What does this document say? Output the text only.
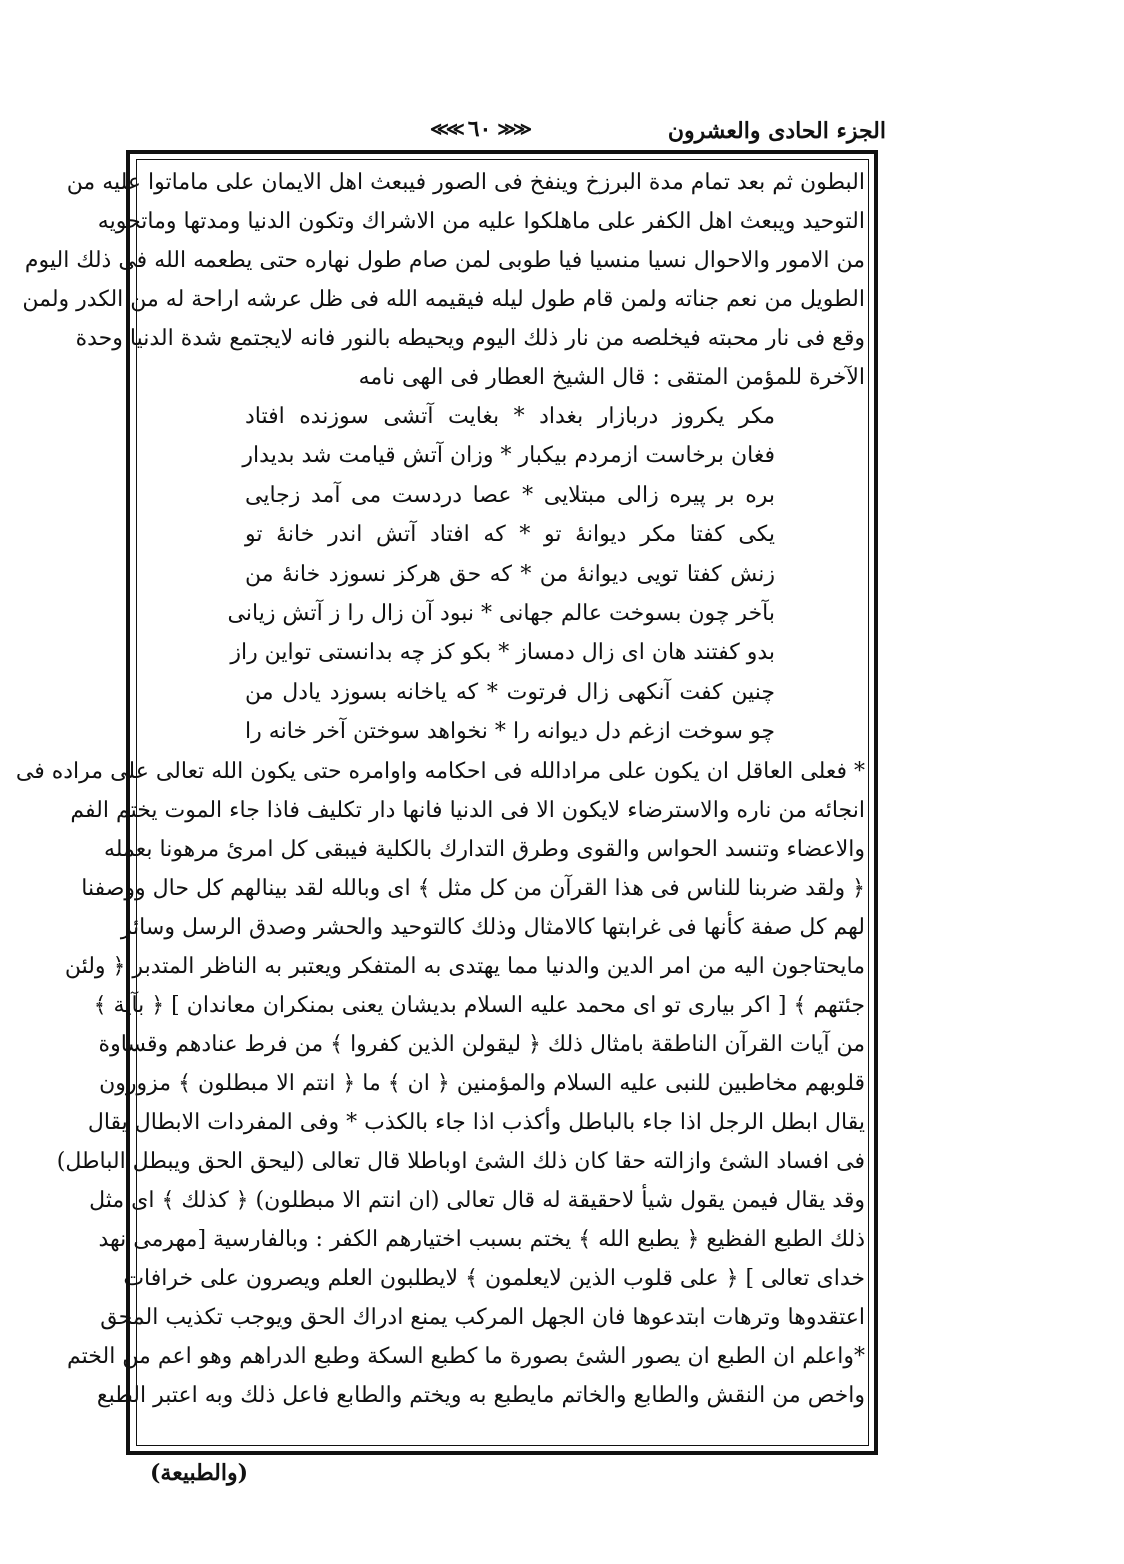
الجزء الحادى والعشرون
≪≪ ٦٠ ≫≫
البطون ثم بعد تمام مدة البرزخ وينفخ فى الصور فيبعث اهل الايمان على ماماتوا عليه من
التوحيد ويبعث اهل الكفر على ماهلكوا عليه من الاشراك وتكون الدنيا ومدتها وماتحويه
من الامور والاحوال نسيا منسيا فيا طوبى لمن صام طول نهاره حتى يطعمه الله فى ذلك اليوم
الطويل من نعم جناته ولمن قام طول ليله فيقيمه الله فى ظل عرشه اراحة له من الكدر ولمن
وقع فى نار محبته فيخلصه من نار ذلك اليوم ويحيطه بالنور فانه لايجتمع شدة الدنيا وحدة
الآخرة للمؤمن المتقى : قال الشيخ العطار فى الهى نامه
مكر يكروز دربازار بغداد * بغايت آتشى سوزنده افتاد
فغان برخاست ازمردم بيكبار * وزان آتش قيامت شد بديدار
بره بر پيره زالى مبتلايى * عصا دردست مى آمد زجايى
يكى كفتا مكر ديوانهٔ تو * كه افتاد آتش اندر خانهٔ تو
زنش كفتا تويى ديوانهٔ من * كه حق هركز نسوزد خانهٔ من
بآخر چون بسوخت عالم جهانى * نبود آن زال را ز آتش زيانى
بدو كفتند هان اى زال دمساز * بكو كز چه بدانستى تواين راز
چنين كفت آنكهى زال فرتوت * كه ياخانه بسوزد يادل من
چو سوخت ازغم دل ديوانه را * نخواهد سوختن آخر خانه را
* فعلى العاقل ان يكون على مرادالله فى احكامه واوامره حتى يكون الله تعالى على مراده فى
انجائه من ناره والاسترضاء لايكون الا فى الدنيا فانها دار تكليف فاذا جاء الموت يختم الفم
والاعضاء وتنسد الحواس والقوى وطرق التدارك بالكلية فيبقى كل امرئ مرهونا بعمله
﴿ ولقد ضربنا للناس فى هذا القرآن من كل مثل ﴾ اى وبالله لقد بينالهم كل حال ووصفنا
لهم كل صفة كأنها فى غرابتها كالامثال وذلك كالتوحيد والحشر وصدق الرسل وسائر
مايحتاجون اليه من امر الدين والدنيا مما يهتدى به المتفكر ويعتبر به الناظر المتدبر ﴿ ولئن
جئتهم ﴾ [ اكر بيارى تو اى محمد عليه السلام بديشان يعنى بمنكران معاندان ] ﴿ بآية ﴾
من آيات القرآن الناطقة بامثال ذلك ﴿ ليقولن الذين كفروا ﴾ من فرط عنادهم وقساوة
قلوبهم مخاطبين للنبى عليه السلام والمؤمنين ﴿ ان ﴾ ما ﴿ انتم الا مبطلون ﴾ مزورون
يقال ابطل الرجل اذا جاء بالباطل وأكذب اذا جاء بالكذب * وفى المفردات الابطال يقال
فى افساد الشئ وازالته حقا كان ذلك الشئ اوباطلا قال تعالى (ليحق الحق ويبطل الباطل)
وقد يقال فيمن يقول شيأ لاحقيقة له قال تعالى (ان انتم الا مبطلون) ﴿ كذلك ﴾ اى مثل
ذلك الطبع الفظيع ﴿ يطبع الله ﴾ يختم بسبب اختيارهم الكفر : وبالفارسية [مهرمى نهد
خداى تعالى ] ﴿ على قلوب الذين لايعلمون ﴾ لايطلبون العلم ويصرون على خرافات
اعتقدوها وترهات ابتدعوها فان الجهل المركب يمنع ادراك الحق ويوجب تكذيب المحق
*واعلم ان الطبع ان يصور الشئ بصورة ما كطبع السكة وطبع الدراهم وهو اعم من الختم
واخص من النقش والطابع والخاتم مايطبع به ويختم والطابع فاعل ذلك وبه اعتبر الطبع
(والطبيعة)
